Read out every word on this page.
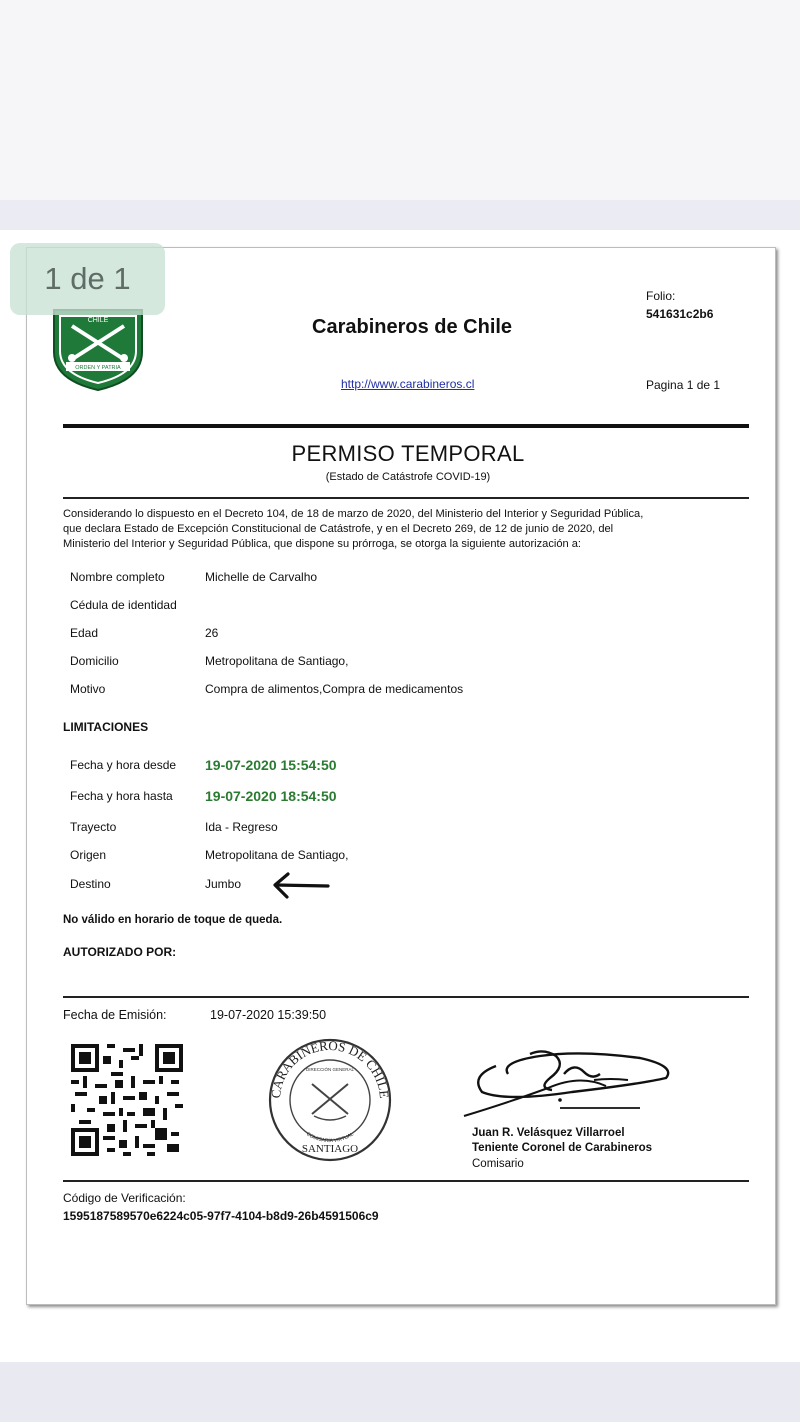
1 de 1
CHILE
ORDEN Y PATRIA
Carabineros de Chile
Folio:
541631c2b6
http://www.carabineros.cl	Pagina 1 de 1
PERMISO TEMPORAL
(Estado de Catástrofe COVID-19)
Considerando lo dispuesto en el Decreto 104, de 18 de marzo de 2020, del Ministerio del Interior y Seguridad Pública,
que declara Estado de Excepción Constitucional de Catástrofe, y en el Decreto 269, de 12 de junio de 2020, del
Ministerio del Interior y Seguridad Pública, que dispone su prórroga, se otorga la siguiente autorización a:
Nombre completo	Michelle de Carvalho
Cédula de identidad
Edad	26
Domicilio	Metropolitana de Santiago,
Motivo	Compra de alimentos,Compra de medicamentos
LIMITACIONES
Fecha y hora desde 19-07-2020 15:54:50
Fecha y hora hasta 19-07-2020 18:54:50
Trayecto	Ida - Regreso
Origen	Metropolitana de Santiago,
Destino	Jumbo
No válido en horario de toque de queda.
AUTORIZADO POR:
Fecha de Emisión:	19-07-2020 15:39:50
CARABINEROS DE CHILE
DIRECCIÓN GENERAL
COMISARÍA VIRTUAL
SANTIAGO
Juan R. Velásquez Villarroel
Teniente Coronel de Carabineros
Comisario
Código de Verificación:
1595187589570e6224c05-97f7-4104-b8d9-26b4591506c9
